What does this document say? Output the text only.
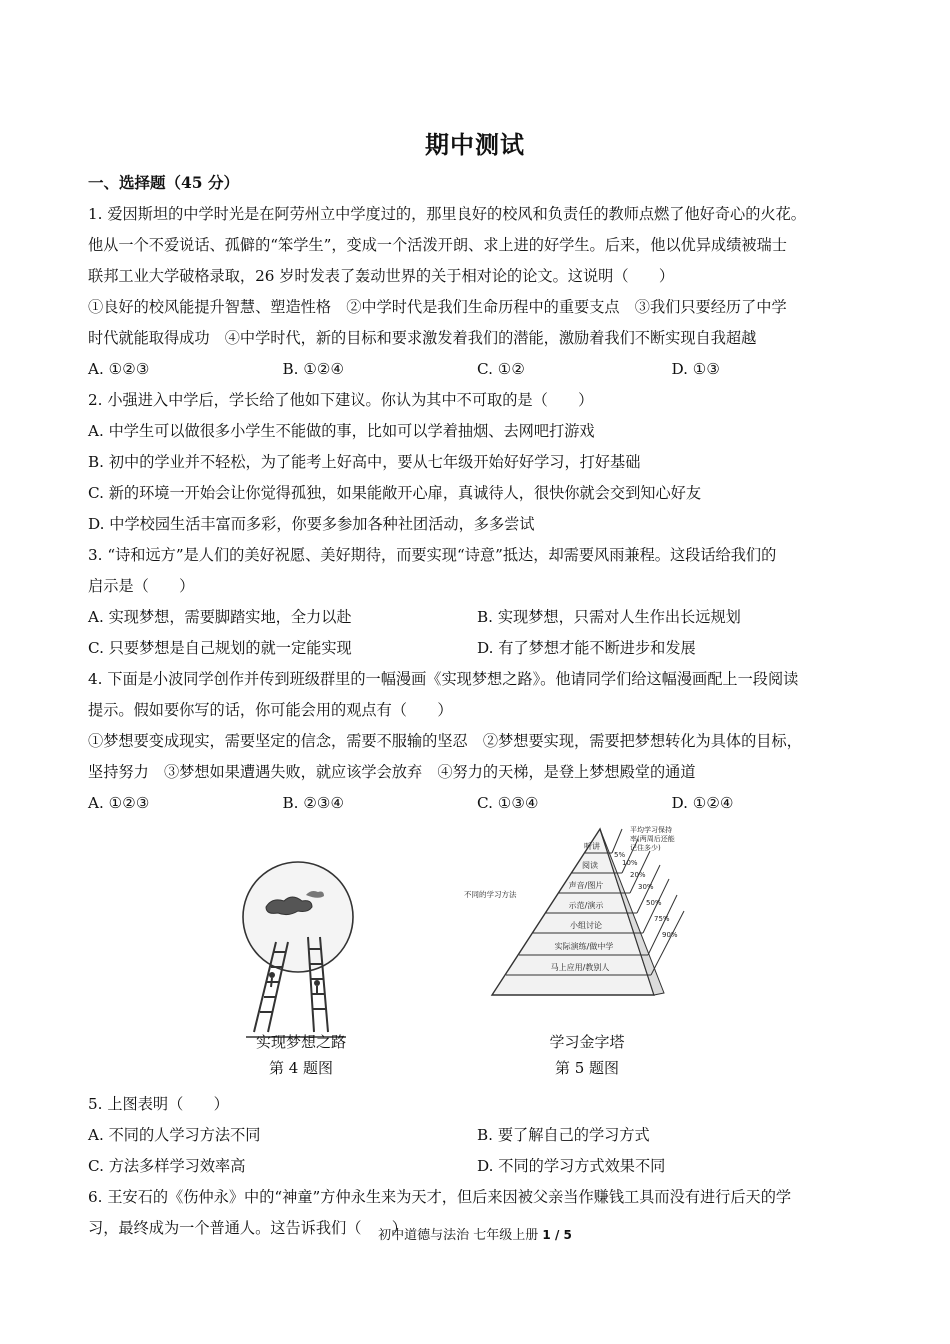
期中测试
一、选择题（45 分）
1. 爱因斯坦的中学时光是在阿劳州立中学度过的，那里良好的校风和负责任的教师点燃了他好奇心的火花。
他从一个不爱说话、孤僻的“笨学生”，变成一个活泼开朗、求上进的好学生。后来，他以优异成绩被瑞士
联邦工业大学破格录取，26 岁时发表了轰动世界的关于相对论的论文。这说明（　　）
①良好的校风能提升智慧、塑造性格　②中学时代是我们生命历程中的重要支点　③我们只要经历了中学
时代就能取得成功　④中学时代，新的目标和要求激发着我们的潜能，激励着我们不断实现自我超越
A. ①②③	B. ①②④	C. ①②	D. ①③
2. 小强进入中学后，学长给了他如下建议。你认为其中不可取的是（　　）
A. 中学生可以做很多小学生不能做的事，比如可以学着抽烟、去网吧打游戏
B. 初中的学业并不轻松，为了能考上好高中，要从七年级开始好好学习，打好基础
C. 新的环境一开始会让你觉得孤独，如果能敞开心扉，真诚待人，很快你就会交到知心好友
D. 中学校园生活丰富而多彩，你要多参加各种社团活动，多多尝试
3. “诗和远方”是人们的美好祝愿、美好期待，而要实现“诗意”抵达，却需要风雨兼程。这段话给我们的
启示是（　　）
A. 实现梦想，需要脚踏实地，全力以赴	B. 实现梦想，只需对人生作出长远规划
C. 只要梦想是自己规划的就一定能实现	D. 有了梦想才能不断进步和发展
4. 下面是小波同学创作并传到班级群里的一幅漫画《实现梦想之路》。他请同学们给这幅漫画配上一段阅读
提示。假如要你写的话，你可能会用的观点有（　　）
①梦想要变成现实，需要坚定的信念，需要不服输的坚忍　②梦想要实现，需要把梦想转化为具体的目标，
坚持努力　③梦想如果遭遇失败，就应该学会放弃　④努力的天梯，是登上梦想殿堂的通道
A. ①②③	B. ②③④	C. ①③④	D. ①②④
实现梦想之路
第 4 题图
听讲
阅读
声音/图片
示范/演示
小组讨论
实际演练/做中学
马上应用/教别人
5%
10%
20%
30%
50%
75%
90%
不同的学习方法
平均学习保持
率(两周后还能
记住多少)
学习金字塔
第 5 题图
5. 上图表明（　　）
A. 不同的人学习方法不同	B. 要了解自己的学习方式
C. 方法多样学习效率高	D. 不同的学习方式效果不同
6. 王安石的《伤仲永》中的“神童”方仲永生来为天才，但后来因被父亲当作赚钱工具而没有进行后天的学
习，最终成为一个普通人。这告诉我们（　　）
初中道德与法治 七年级上册 1 / 5
